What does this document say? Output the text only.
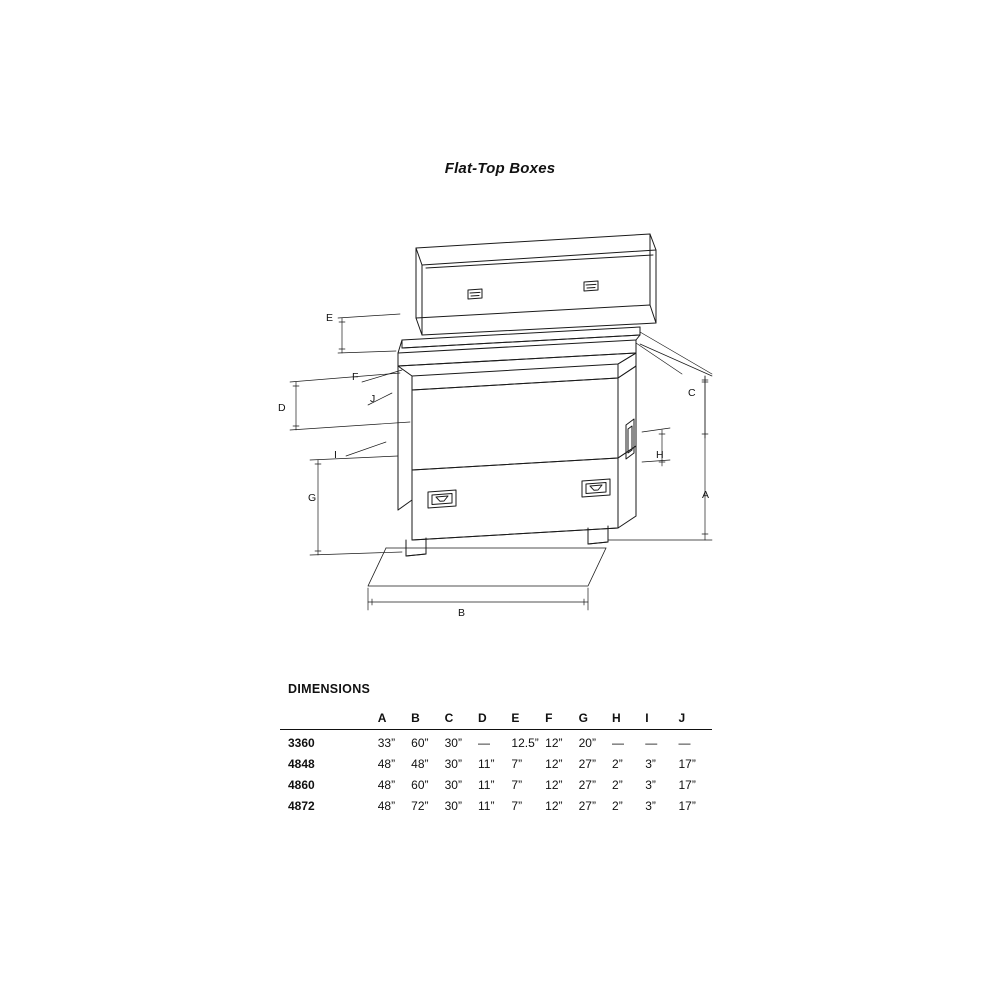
Flat-Top Boxes
E
F
D
J
I
G
B
C
H
A
DIMENSIONS
	A	B	C	D	E	F	G	H	I	J
3360	33”	60”	30”	—	12.5”	12”	20”	—	—	—
4848	48”	48”	30”	11”	7”	12”	27”	2”	3”	17”
4860	48”	60”	30”	11”	7”	12”	27”	2”	3”	17”
4872	48”	72”	30”	11”	7”	12”	27”	2”	3”	17”
